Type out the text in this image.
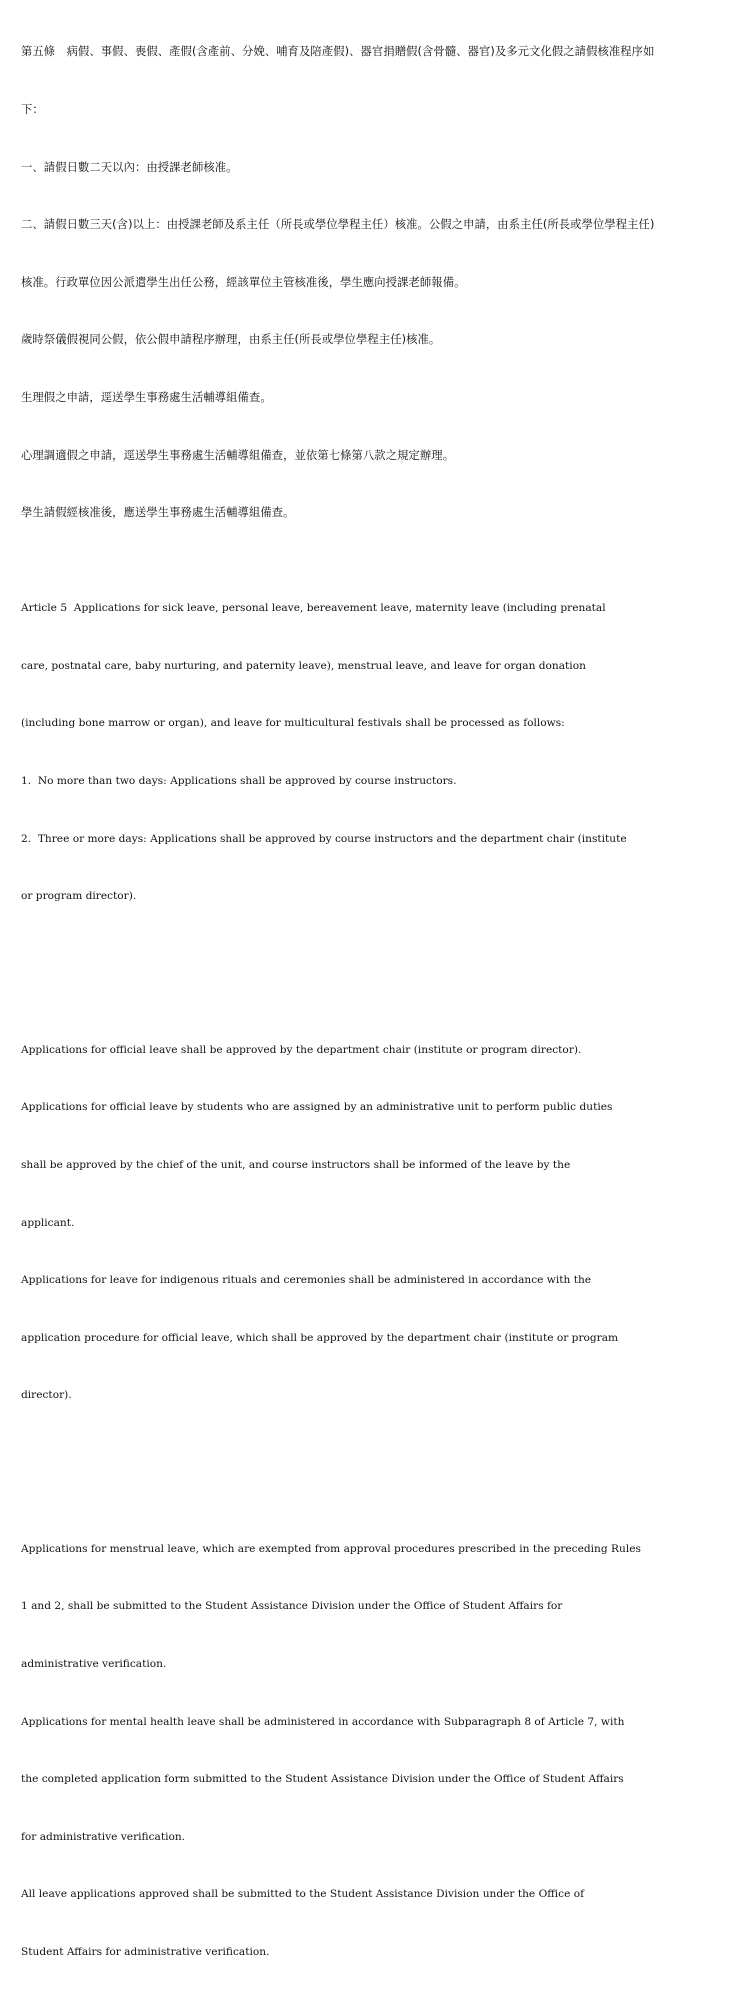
第五條　病假、事假、喪假、產假(含產前、分娩、哺育及陪產假)、器官捐贈假(含骨髓、器官)及多元文化假之請假核准程序如

下：

一、請假日數二天以內：由授課老師核准。

二、請假日數三天(含)以上：由授課老師及系主任（所長或學位學程主任）核准。公假之申請，由系主任(所長或學位學程主任)

核准。行政單位因公派遣學生出任公務，經該單位主管核准後，學生應向授課老師報備。

歲時祭儀假視同公假，依公假申請程序辦理，由系主任(所長或學位學程主任)核准。

生理假之申請，逕送學生事務處生活輔導組備查。

心理調適假之申請，逕送學生事務處生活輔導組備查，並依第七條第八款之規定辦理。

學生請假經核准後，應送學生事務處生活輔導組備查。

Article 5  Applications for sick leave, personal leave, bereavement leave, maternity leave (including prenatal

care, postnatal care, baby nurturing, and paternity leave), menstrual leave, and leave for organ donation

(including bone marrow or organ), and leave for multicultural festivals shall be processed as follows:

1.  No more than two days: Applications shall be approved by course instructors.

2.  Three or more days: Applications shall be approved by course instructors and the department chair (institute

or program director).

Applications for official leave shall be approved by the department chair (institute or program director).

Applications for official leave by students who are assigned by an administrative unit to perform public duties

shall be approved by the chief of the unit, and course instructors shall be informed of the leave by the

applicant.

Applications for leave for indigenous rituals and ceremonies shall be administered in accordance with the

application procedure for official leave, which shall be approved by the department chair (institute or program

director).

Applications for menstrual leave, which are exempted from approval procedures prescribed in the preceding Rules

1 and 2, shall be submitted to the Student Assistance Division under the Office of Student Affairs for

administrative verification.

Applications for mental health leave shall be administered in accordance with Subparagraph 8 of Article 7, with

the completed application form submitted to the Student Assistance Division under the Office of Student Affairs

for administrative verification.

All leave applications approved shall be submitted to the Student Assistance Division under the Office of

Student Affairs for administrative verification.
